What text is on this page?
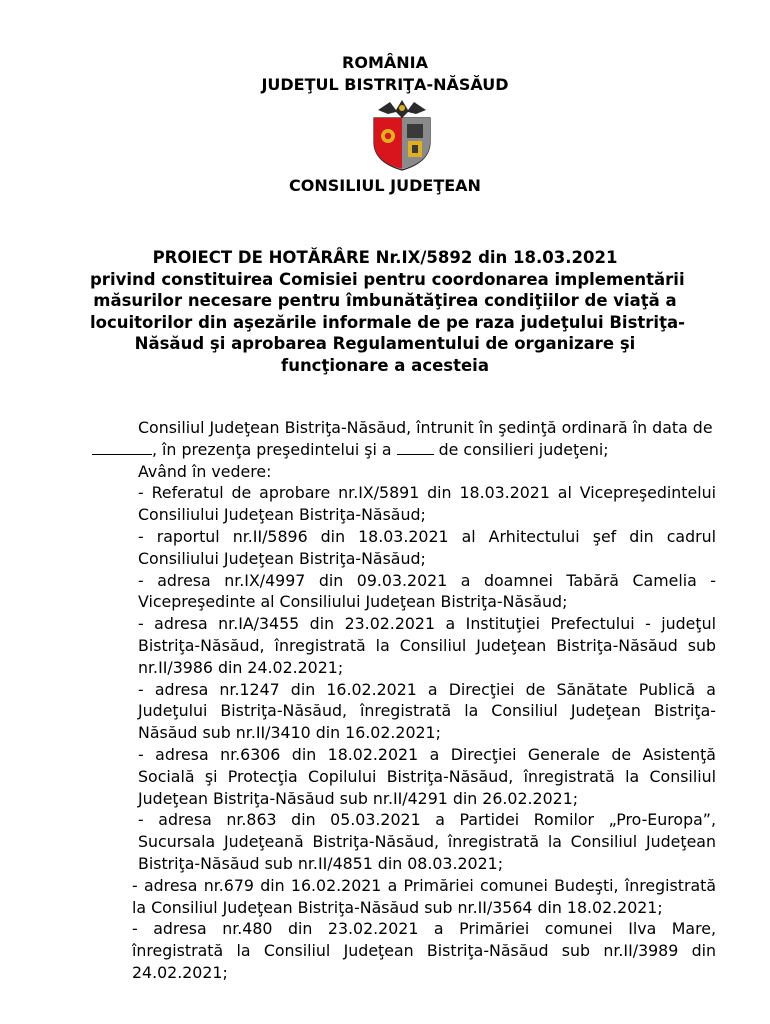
ROMÂNIA
JUDEŢUL BISTRIŢA-NĂSĂUD
CONSILIUL JUDEŢEAN
PROIECT DE HOTĂRÂRE Nr.IX/5892 din 18.03.2021
privind constituirea Comisiei pentru coordonarea implementării
măsurilor necesare pentru îmbunătăţirea condiţiilor de viaţă a
locuitorilor din aşezările informale de pe raza judeţului Bistriţa-
Năsăud şi aprobarea Regulamentului de organizare şi
funcţionare a acesteia

Consiliul Judeţean Bistriţa-Năsăud, întrunit în şedinţă ordinară în data de
, în prezenţa preşedintelui şi a	de consilieri judeţeni;

Având în vedere:

- Referatul de aprobare nr.IX/5891 din 18.03.2021 al Vicepreşedintelui Consiliului Judeţean Bistriţa-Năsăud;

- raportul nr.II/5896 din 18.03.2021 al Arhitectului şef din cadrul Consiliului Judeţean Bistriţa-Năsăud;

- adresa nr.IX/4997 din 09.03.2021 a doamnei Tabără Camelia - Vicepreşedinte al Consiliului Judeţean Bistriţa-Năsăud;

- adresa nr.IA/3455 din 23.02.2021 a Instituţiei Prefectului - judeţul Bistriţa-Năsăud, înregistrată la Consiliul Judeţean Bistriţa-Năsăud sub nr.II/3986 din 24.02.2021;

- adresa nr.1247 din 16.02.2021 a Direcţiei de Sănătate Publică a Judeţului Bistriţa-Năsăud, înregistrată la Consiliul Judeţean Bistriţa-Năsăud sub nr.II/3410 din 16.02.2021;

- adresa nr.6306 din 18.02.2021 a Direcţiei Generale de Asistenţă Socială şi Protecţia Copilului Bistriţa-Năsăud, înregistrată la Consiliul Judeţean Bistriţa-Năsăud sub nr.II/4291 din 26.02.2021;

- adresa nr.863 din 05.03.2021 a Partidei Romilor „Pro-Europa”, Sucursala Judeţeană Bistriţa-Năsăud, înregistrată la Consiliul Judeţean Bistriţa-Năsăud sub nr.II/4851 din 08.03.2021;

- adresa nr.679 din 16.02.2021 a Primăriei comunei Budeşti, înregistrată la Consiliul Judeţean Bistriţa-Năsăud sub nr.II/3564 din 18.02.2021;

- adresa nr.480 din 23.02.2021 a Primăriei comunei Ilva Mare, înregistrată la Consiliul Judeţean Bistriţa-Năsăud sub nr.II/3989 din 24.02.2021;
